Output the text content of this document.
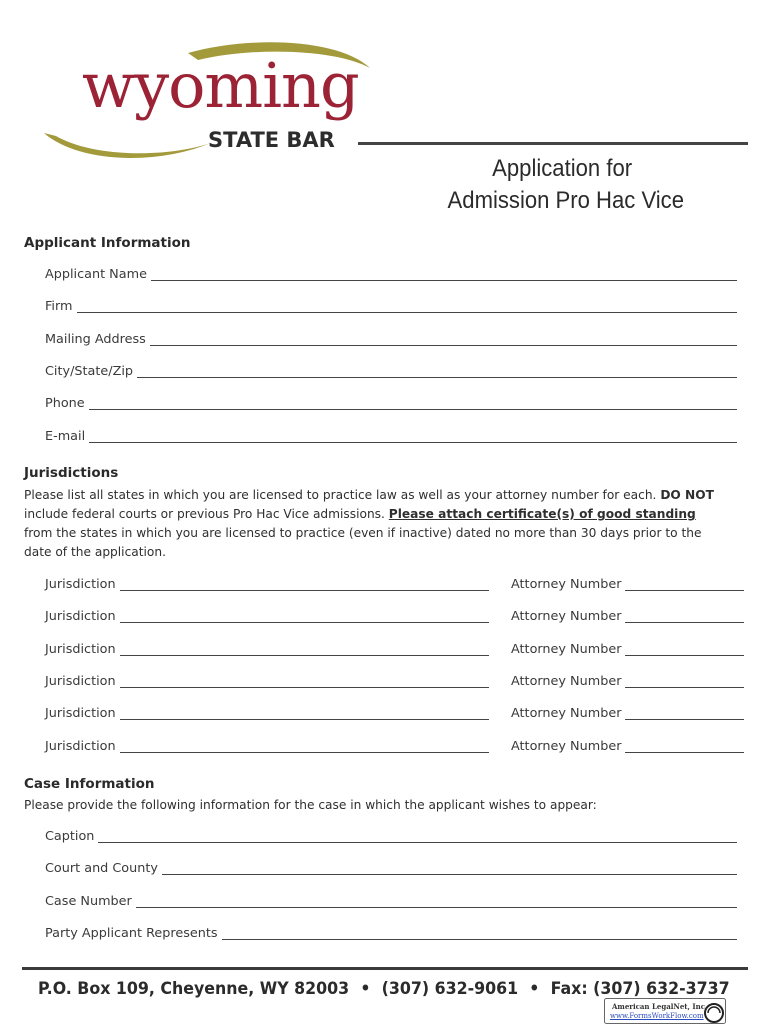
wyoming
STATE BAR
Application for
Admission Pro Hac Vice
Applicant Information
Applicant Name
Firm
Mailing Address
City/State/Zip
Phone
E-mail
Jurisdictions

Please list all states in which you are licensed to practice law as well as your attorney number for each. DO NOT include federal courts or previous Pro Hac Vice admissions. Please attach certificate(s) of good standing from the states in which you are licensed to practice (even if inactive) dated no more than 30 days prior to the date of the application.

Jurisdiction	Attorney Number
Jurisdiction	Attorney Number
Jurisdiction	Attorney Number
Jurisdiction	Attorney Number
Jurisdiction	Attorney Number
Jurisdiction	Attorney Number
Case Information

Please provide the following information for the case in which the applicant wishes to appear:

Caption
Court and County
Case Number
Party Applicant Represents
P.O. Box 109, Cheyenne, WY 82003 • (307) 632-9061 • Fax: (307) 632-3737
American LegalNet, Inc.
www.FormsWorkFlow.com
